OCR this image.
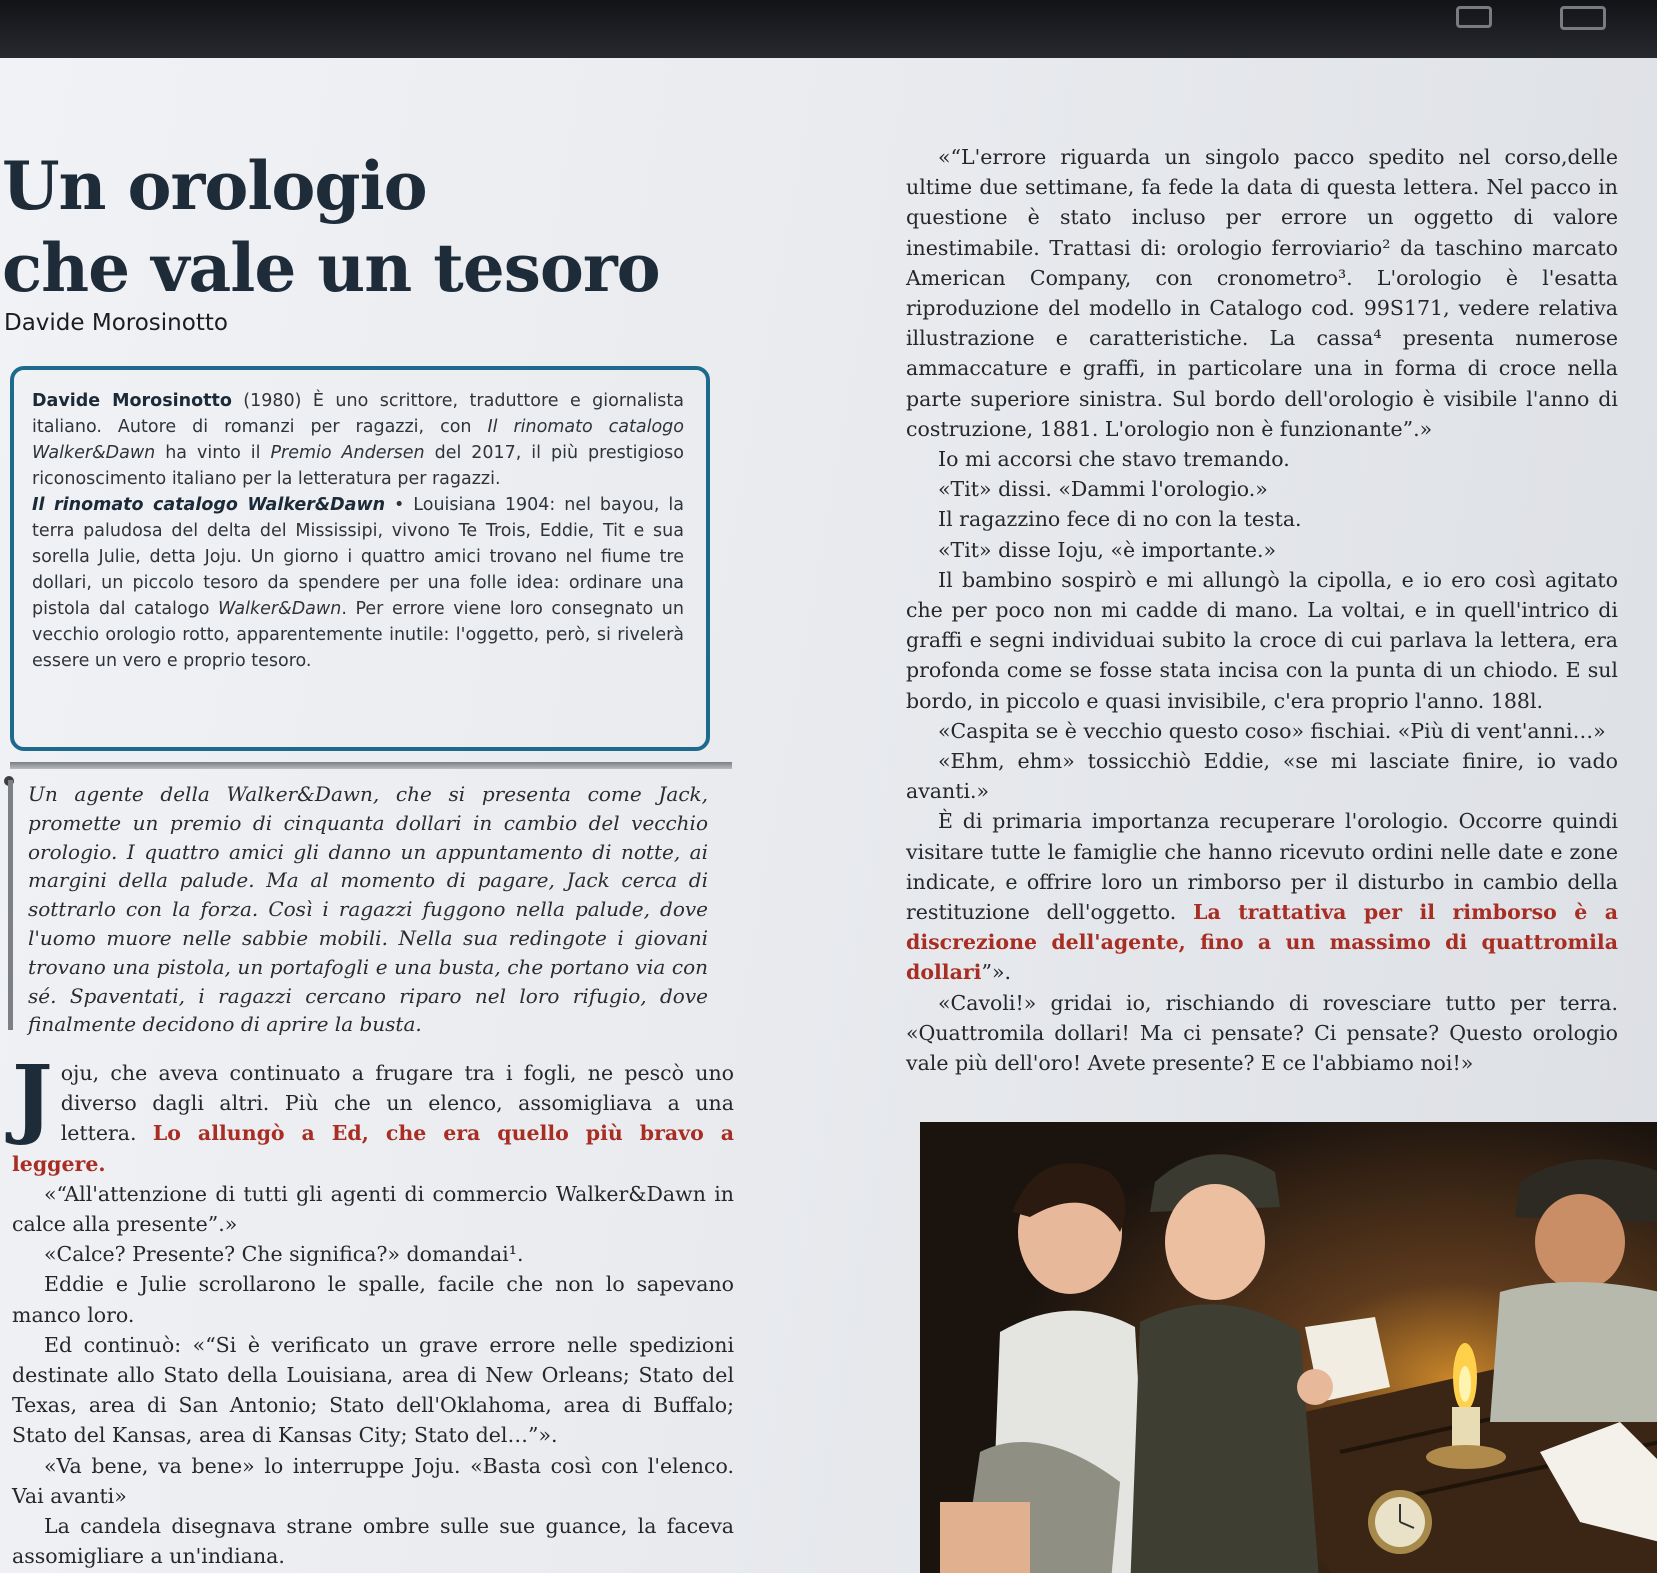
Un orologio
che vale un tesoro

Davide Morosinotto

Davide Morosinotto (1980) È uno scrittore, traduttore e giornalista italiano. Autore di romanzi per ragazzi, con Il rinomato catalogo Walker&Dawn ha vinto il Premio Andersen del 2017, il più prestigioso riconoscimento italiano per la letteratura per ragazzi.

Il rinomato catalogo Walker&Dawn • Louisiana 1904: nel bayou, la terra paludosa del delta del Mississipi, vivono Te Trois, Eddie, Tit e sua sorella Julie, detta Joju. Un giorno i quattro amici trovano nel fiume tre dollari, un piccolo tesoro da spendere per una folle idea: ordinare una pistola dal catalogo Walker&Dawn. Per errore viene loro consegnato un vecchio orologio rotto, apparentemente inutile: l'oggetto, però, si rivelerà essere un vero e proprio tesoro.

Un agente della Walker&Dawn, che si presenta come Jack, promette un premio di cinquanta dollari in cambio del vecchio orologio. I quattro amici gli danno un appuntamento di notte, ai margini della palude. Ma al momento di pagare, Jack cerca di sottrarlo con la forza. Così i ragazzi fuggono nella palude, dove l'uomo muore nelle sabbie mobili. Nella sua redingote i giovani trovano una pistola, un portafogli e una busta, che portano via con sé. Spaventati, i ragazzi cercano riparo nel loro rifugio, dove finalmente decidono di aprire la busta.

Joju, che aveva continuato a frugare tra i fogli, ne pescò uno diverso dagli altri. Più che un elenco, assomigliava a una lettera. Lo allungò a Ed, che era quello più bravo a leggere.

«“All'attenzione di tutti gli agenti di commercio Walker&Dawn in calce alla presente”.»

«Calce? Presente? Che significa?» domandai¹.

Eddie e Julie scrollarono le spalle, facile che non lo sapevano manco loro.

Ed continuò: «“Si è verificato un grave errore nelle spedizioni destinate allo Stato della Louisiana, area di New Orleans; Stato del Texas, area di San Antonio; Stato dell'Oklahoma, area di Buffalo; Stato del Kansas, area di Kansas City; Stato del…”».

«Va bene, va bene» lo interruppe Joju. «Basta così con l'elenco. Vai avanti»

La candela disegnava strane ombre sulle sue guance, la faceva assomigliare a un'indiana.

«“L'errore riguarda un singolo pacco spedito nel corso,delle ultime due settimane, fa fede la data di questa lettera. Nel pacco in questione è stato incluso per errore un oggetto di valore inestimabile. Trattasi di: orologio ferroviario² da taschino marcato American Company, con cronometro³. L'orologio è l'esatta riproduzione del modello in Catalogo cod. 99S171, vedere relativa illustrazione e caratteristiche. La cassa⁴ presenta numerose ammaccature e graffi, in particolare una in forma di croce nella parte superiore sinistra. Sul bordo dell'orologio è visibile l'anno di costruzione, 1881. L'orologio non è funzionante”.»

Io mi accorsi che stavo tremando.

«Tit» dissi. «Dammi l'orologio.»

Il ragazzino fece di no con la testa.

«Tit» disse Ioju, «è importante.»

Il bambino sospirò e mi allungò la cipolla, e io ero così agitato che per poco non mi cadde di mano. La voltai, e in quell'intrico di graffi e segni individuai subito la croce di cui parlava la lettera, era profonda come se fosse stata incisa con la punta di un chiodo. E sul bordo, in piccolo e quasi invisibile, c'era proprio l'anno. 188l.

«Caspita se è vecchio questo coso» fischiai. «Più di vent'anni…»

«Ehm, ehm» tossicchiò Eddie, «se mi lasciate finire, io vado avanti.»

È di primaria importanza recuperare l'orologio. Occorre quindi visitare tutte le famiglie che hanno ricevuto ordini nelle date e zone indicate, e offrire loro un rimborso per il disturbo in cambio della restituzione dell'oggetto. La trattativa per il rimborso è a discrezione dell'agente, fino a un massimo di quattromila dollari”».

«Cavoli!» gridai io, rischiando di rovesciare tutto per terra. «Quattromila dollari! Ma ci pensate? Ci pensate? Questo orologio vale più dell'oro! Avete presente? E ce l'abbiamo noi!»
